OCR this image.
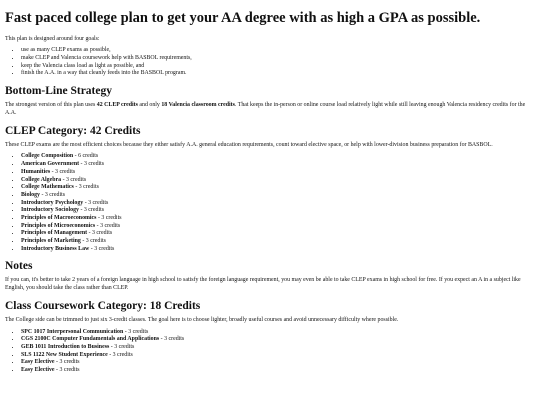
Fast paced college plan to get your AA degree with as high a GPA as possible.

This plan is designed around four goals:

• use as many CLEP exams as possible,
• make CLEP and Valencia coursework help with BASBOL requirements,
• keep the Valencia class load as light as possible, and
• finish the A.A. in a way that cleanly feeds into the BASBOL program.
Bottom-Line Strategy

The strongest version of this plan uses 42 CLEP credits and only 18 Valencia classroom credits. That keeps the in-person or online course load relatively light while still leaving enough Valencia residency credits for the A.A.

CLEP Category: 42 Credits

These CLEP exams are the most efficient choices because they either satisfy A.A. general education requirements, count toward elective space, or help with lower-division business preparation for BASBOL.

• College Composition - 6 credits
• American Government - 3 credits
• Humanities - 3 credits
• College Algebra - 3 credits
• College Mathematics - 3 credits
• Biology - 3 credits
• Introductory Psychology - 3 credits
• Introductory Sociology - 3 credits
• Principles of Macroeconomics - 3 credits
• Principles of Microeconomics - 3 credits
• Principles of Management - 3 credits
• Principles of Marketing - 3 credits
• Introductory Business Law - 3 credits
Notes

If you can, it's better to take 2 years of a foreign language in high school to satisfy the foreign language requirement, you may even be able to take CLEP exams in high school for free. If you expect an A in a subject like English, you should take the class rather than CLEP.

Class Coursework Category: 18 Credits

The College side can be trimmed to just six 3-credit classes. The goal here is to choose lighter, broadly useful courses and avoid unnecessary difficulty where possible.

• SPC 1017 Interpersonal Communication - 3 credits
• CGS 2100C Computer Fundamentals and Applications - 3 credits
• GEB 1011 Introduction to Business - 3 credits
• SLS 1122 New Student Experience - 3 credits
• Easy Elective - 3 credits
• Easy Elective - 3 credits
